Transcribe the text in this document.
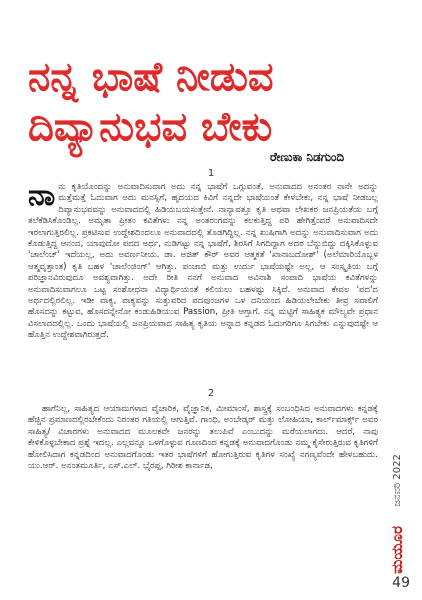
ನನ್ನ ಭಾಷೆ ನೀಡುವ ದಿವ್ಯಾನುಭವ ಬೇಕು
ರೇಣುಕಾ ನಿಡಗುಂದಿ
1

ನಾನು ಕೃತಿಯೊಂದನ್ನು ಅನುವಾದಿಸುವಾಗ ಅದು ನನ್ನ ಭಾಷೆಗೆ ಒಗ್ಗುವಂತೆ, ಅನುವಾದದ ಅನಂತರ ನಾನೇ ಅದನ್ನು ಮತ್ತೆಮತ್ತೆ ಓದುವಾಗ ಅದು ಮನಸ್ಸಿಗೆ, ಹೃದಯದ ಕಿವಿಗೆ ನನ್ನದೇ ಭಾಷೆಯಂತೆ ಕೇಳಬೇಕು, ನನ್ನ ಭಾಷೆ ನೀಡಬಲ್ಲ ದಿವ್ಯಾನುಭವವನ್ನು ಅನುವಾದದಲ್ಲಿ ಹಿಡಿಯಬಯಸುತ್ತೇನೆ. ನಾನ್ಯಾವತ್ತೂ ಕೃತಿ ಅಥವಾ ಲೇಖಕರ ಜನಪ್ರಿಯತೆಯ ಬಗ್ಗೆ ತಲೆಕೆಡಿಸಿಕೊಂಡಿಲ್ಲ. ಅಮೃತಾ ಪ್ರೀತಂ ಕವಿತೆಗಳು ನನ್ನ ಅಂತರಂಗವನ್ನು ಕಲಕುತ್ತಿದ್ದ ಪರಿ ಹೇಗಿತ್ತೆಂದರೆ ಅನುವಾದಿಸದೇ ಇರಲಾಗುತ್ತಿರಲಿಲ್ಲ. ಪ್ರಕಟಿಸುವ ಉದ್ದೇಶದಿಂದಲೂ ಅನುವಾದದಲ್ಲಿ ತೊಡಗಿದ್ದಿಲ್ಲ. ನನ್ನ ಖುಷಿಗಾಗಿ ಅದನ್ನು ಅನುವಾದಿಸುವಾಗ ಅದು ಕೊಡುತ್ತಿದ್ದ ಆನಂದ, ಯಾವುದೋ ಪದದ ಅರ್ಥ, ನುಡಿಗಟ್ಟು ನನ್ನ ಭಾಷೆಗೆ, ಶಿರಸಿಗೆ ಸಿಗದಿದ್ದಾಗ ಅದರ ಬೆನ್ನುಬಿದ್ದು ದಕ್ಕಿಸಿಕೊಳ್ಳುವ 'ಚಾಲೆಂಜ್' ಇದೆಯಲ್ಲ, ಅದು ಅವರ್ಣನೀಯ. ಡಾ. ಅಜಿತ್ ಕೌರ್ ಅವರ ಆತ್ಮಕತೆ 'ಖಾನಾಬದೋಶ್' (ಅಲೆಮಾರಿಯೊಬ್ಬಳ ಆತ್ಮವೃತ್ತಾಂತ) ಕೃತಿ ಬಹಳ 'ಚಾಲೆಂಜಿಂಗ್' ಆಗಿತ್ತು. ಪಂಜಾಬಿ ಮತ್ತು ಉರ್ದು ಭಾಷೆಯಷ್ಟೇ ಅಲ್ಲ, ಆ ಸಂಸ್ಕೃತಿಯ ಬಗ್ಗೆ ಪರಿಜ್ಞಾನವಿರುವುದೂ ಅವಶ್ಯವಾಗಿತ್ತು. ಅದೇ ರೀತಿ ನನಗೆ ಅನುವಾದ ಅವಿನಾಶಿ ಸಂಪಾದಿ ಭಾಷೆಯ ಕವಿತೆಗಳನ್ನು ಅನುವಾದಿಸುವಾಗಲೂ ಒಟ್ಟ ಸಂಶೋಧನಾ ವಿದ್ಯಾರ್ಥಿಯಂತೆ ಕಲಿಯಲು ಬಹಳಷ್ಟು ಸಿಕ್ಕಿದೆ. ಅನುವಾದ ಕೇವಲ 'ಪದ'ದ ಅರ್ಥದಲ್ಲಿರಲಿಲ್ಲ. ಇಡೀ ವಾಕ್ಯ, ವಾಕ್ಯವನ್ನು ಸುತ್ತುವರಿದ ಪದಪುಂಜಗಳ ಒಳ ದನಿಯಂದ ಹಿಡಿಯಲೇಬೇಕು ತೀವ್ರ ಸವಾಲಿಗೆ ಹೊಸದನ್ನು ಕಟ್ಟುವ, ಹೊಸದನ್ನೇನೋ ಕಂಡುಹಿಡಿಯುವ Passion, ಪ್ರೀತಿ ಆಗ್ತಾಗೆ. ನನ್ನ ಮಟ್ಟಿಗೆ ಸಾಹಿತ್ಯಕ ಮೌಲ್ಯವೇ ಪ್ರಧಾನ ವಿಸಲಾದದಲ್ಲಿಲ್ಲ. ಒಂದು ಭಾಷೆಯಲ್ಲಿ ಜನಪ್ರಿಯವಾದ ಸಾಹಿತ್ಯ ಕೃತಿಯ ಅನ್ನಾದ ಕನ್ನಡದ ಓದುಗರಿಗೂ ಸಿಗಬೇಕು ಎನ್ನುವುದಷ್ಟೇ ಆ ಹೊತ್ತಿನ ಉದ್ದೇಶವಾಗಿರುತ್ತದೆ.

2

ಹಾಗೆನಿಲ್ಲ, ಸಾಹಿತ್ಯದ ಆಯಾಮಗಳಾದ ವೈಚಾರಿಕ, ವೈಜ್ಞಾನಿಕ, ಮೀಮಾಂಸೆ, ಶಾಸ್ತ್ರಕ್ಕೆ ಸಂಬಂಧಿಸಿದ ಅನುವಾದಗಳು ಕನ್ನಡಕ್ಕೆ ಹೆಚ್ಚಿನ ಪ್ರಮಾಣದಲ್ಲಿರಬೇಕೆಂದು ನಿರಂತರ ಗತಿಯಲ್ಲಿ ಆಗುತ್ತಿವೆ. ಗಾಂಧಿ, ಅಂಬೇಡ್ಕರ್ ಮತ್ತು ಲೋಹಿಯಾ, ಕಾರ್ಲ್‌ಮಾರ್ಕ್ಸ್ ಅವರ ಸಾಹಿತ್ಯ/ ವಿಚಾರಗಳು ಅನುವಾದದ ಮೂಲಕವೇ ಜನರನ್ನು ತಲುಪಿವೆ ಎಂಬುದನ್ನು ಮರೆಯಲಾಗದು. ಆದರೆ, ನಾವು ಕೇಳಿಕೊಳ್ಳಬೇಕಾದ ಪ್ರಶ್ನೆ ಇದಲ್ಲ. ಎಲ್ಲವನ್ನೂ ಒಳಗೊಳ್ಳುವ ಗೂಣದಿಂದ ಕನ್ನಡಕ್ಕೆ ಅನುವಾದಗೊಂಡು ನಮ್ಮ ಕೈಸೇರುತ್ತಿರುವ ಕೃತಿಗಳಿಗೆ ಹೋಲಿಸಿದಾಗ ಕನ್ನಡದಿಂದ ಅನುವಾದಗೊಂಡು ಇತರ ಭಾಷೆಗಳಿಗೆ ಹೋಗುತ್ತಿರುವ ಕೃತಿಗಳ ಸಂಖ್ಯೆ ನಗಣ್ಯವೆಂದೇ ಹೇಳಬಹುದು. ಯು.ಆರ್. ಅನಂತಮೂರ್ತಿ, ಎಸ್.ಎಲ್. ಭೈರಪ್ಪ, ಗಿರೀಶ ಕಾರ್ನಾಡ,	ಜನವರಿ 2022
ಮಯೂರ
49
